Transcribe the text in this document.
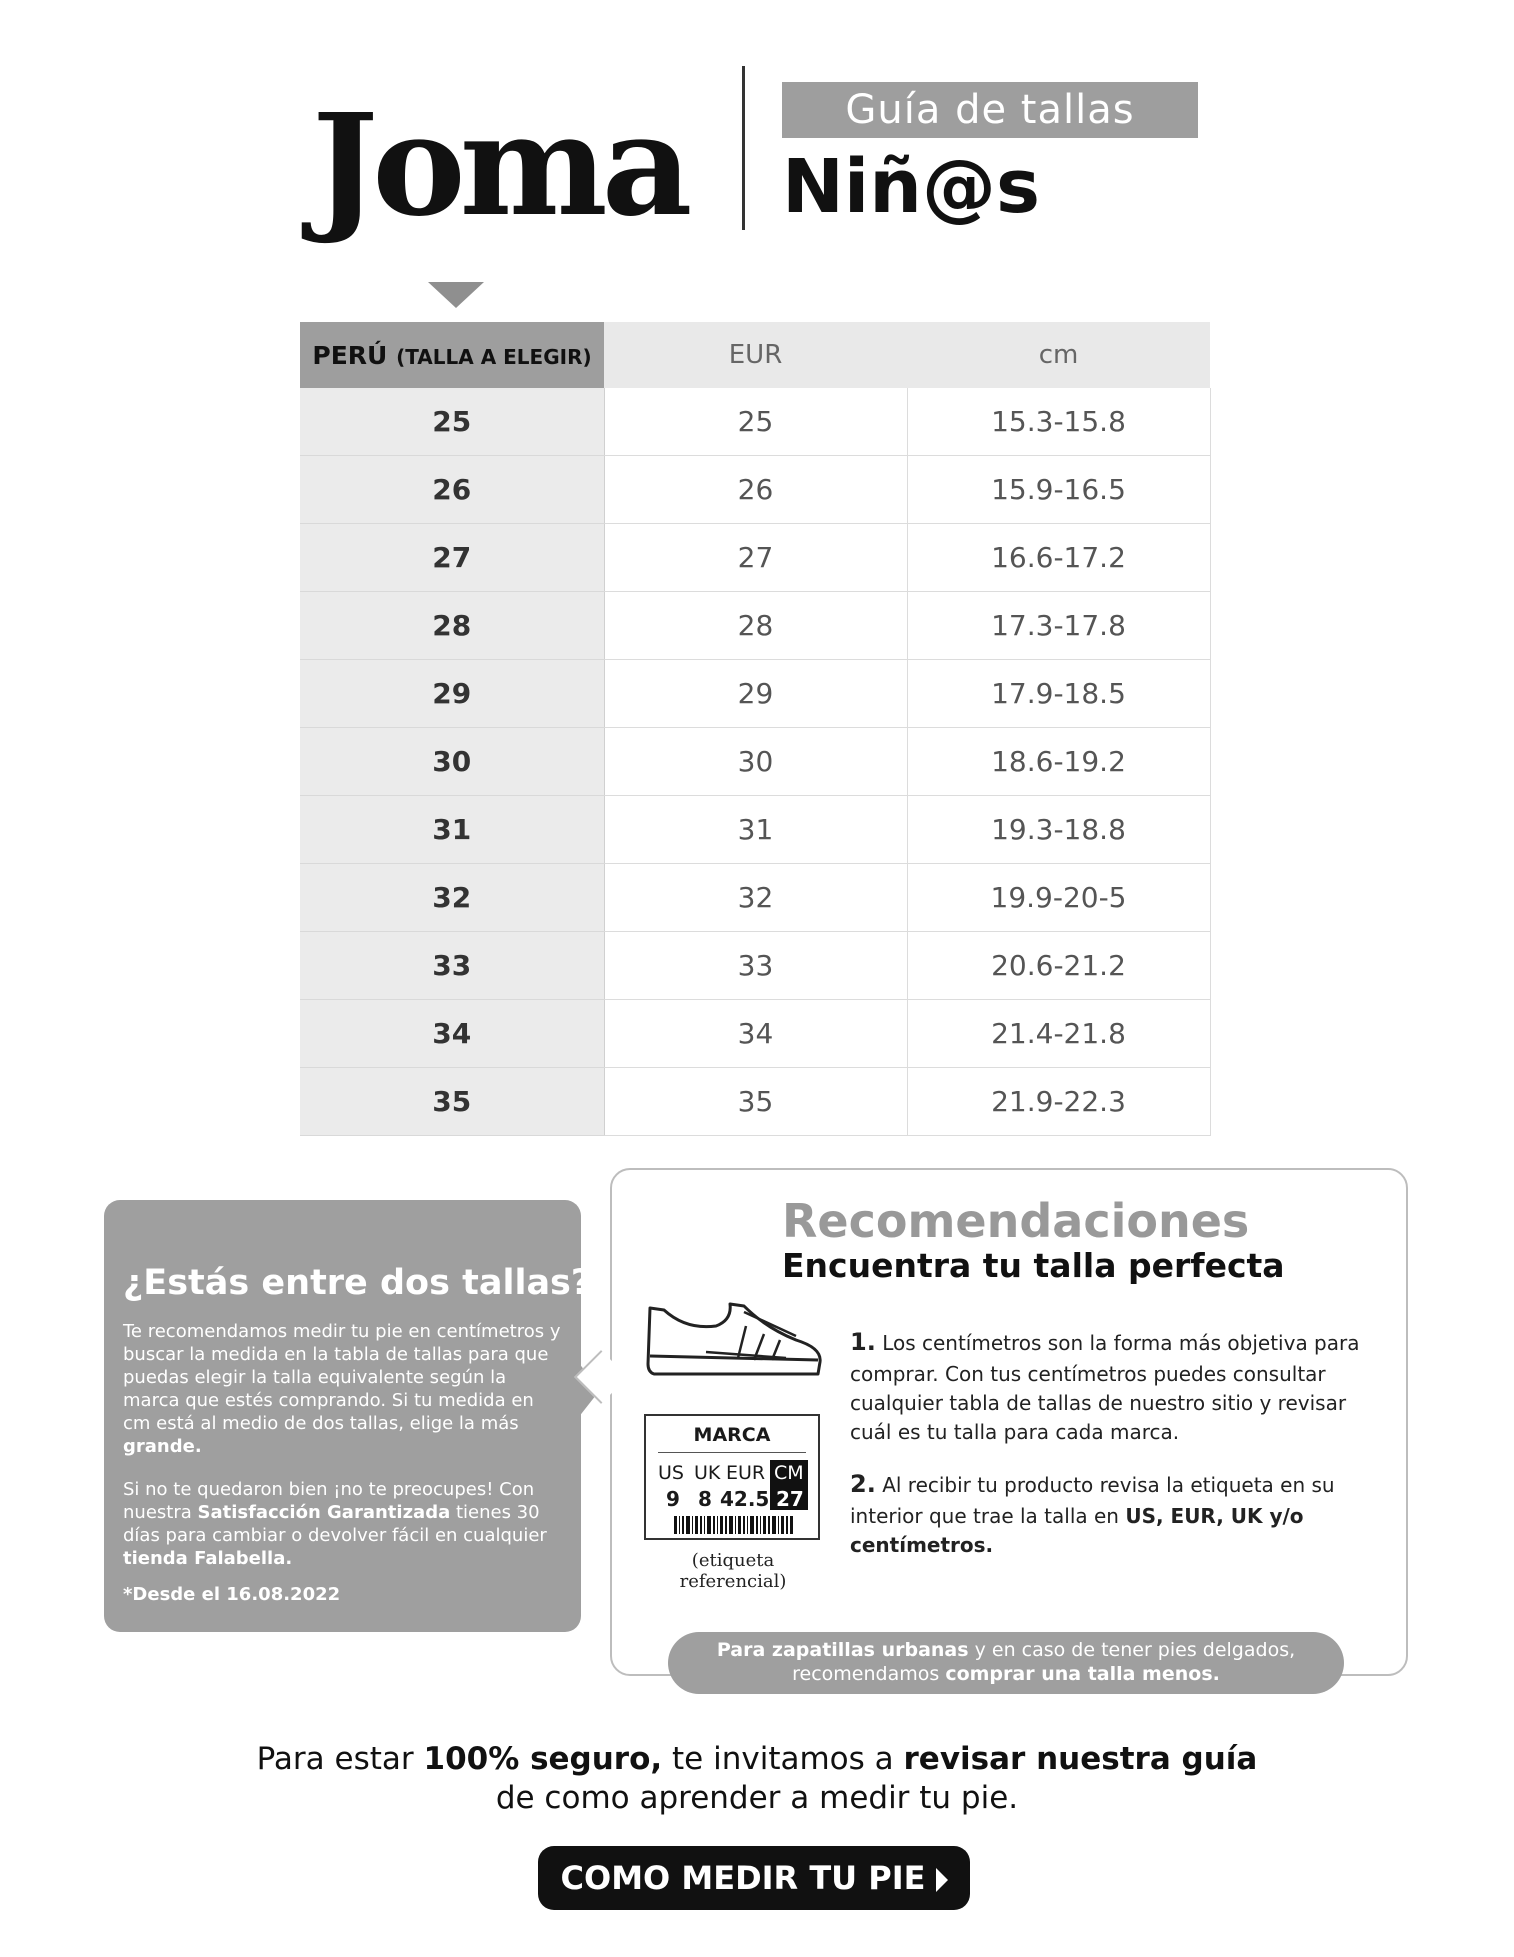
Joma	Guía de tallas
Niñ@s
PERÚ (TALLA A ELEGIR)	EUR	cm
25	25	15.3-15.8
26	26	15.9-16.5
27	27	16.6-17.2
28	28	17.3-17.8
29	29	17.9-18.5
30	30	18.6-19.2
31	31	19.3-18.8
32	32	19.9-20-5
33	33	20.6-21.2
34	34	21.4-21.8
35	35	21.9-22.3
¿Estás entre dos tallas?

Te recomendamos medir tu pie en centímetros y buscar la medida en la tabla de tallas para que puedas elegir la talla equivalente según la marca que estés comprando. Si tu medida en cm está al medio de dos tallas, elige la más grande.

Si no te quedaron bien ¡no te preocupes! Con nuestra Satisfacción Garantizada tienes 30 días para cambiar o devolver fácil en cualquier tienda Falabella.

*Desde el 16.08.2022
Recomendaciones
Encuentra tu talla perfecta
MARCA
US UK EUR
9 8 42.5
CM
27
(etiqueta referencial)
1. Los centímetros son la forma más objetiva para comprar. Con tus centímetros puedes consultar cualquier tabla de tallas de nuestro sitio y revisar cuál es tu talla para cada marca.
2. Al recibir tu producto revisa la etiqueta en su interior que trae la talla en US, EUR, UK y/o centímetros.
Para zapatillas urbanas y en caso de tener pies delgados,
recomendamos comprar una talla menos.
Para estar 100% seguro, te invitamos a revisar nuestra guía
de como aprender a medir tu pie.
COMO MEDIR TU PIE
